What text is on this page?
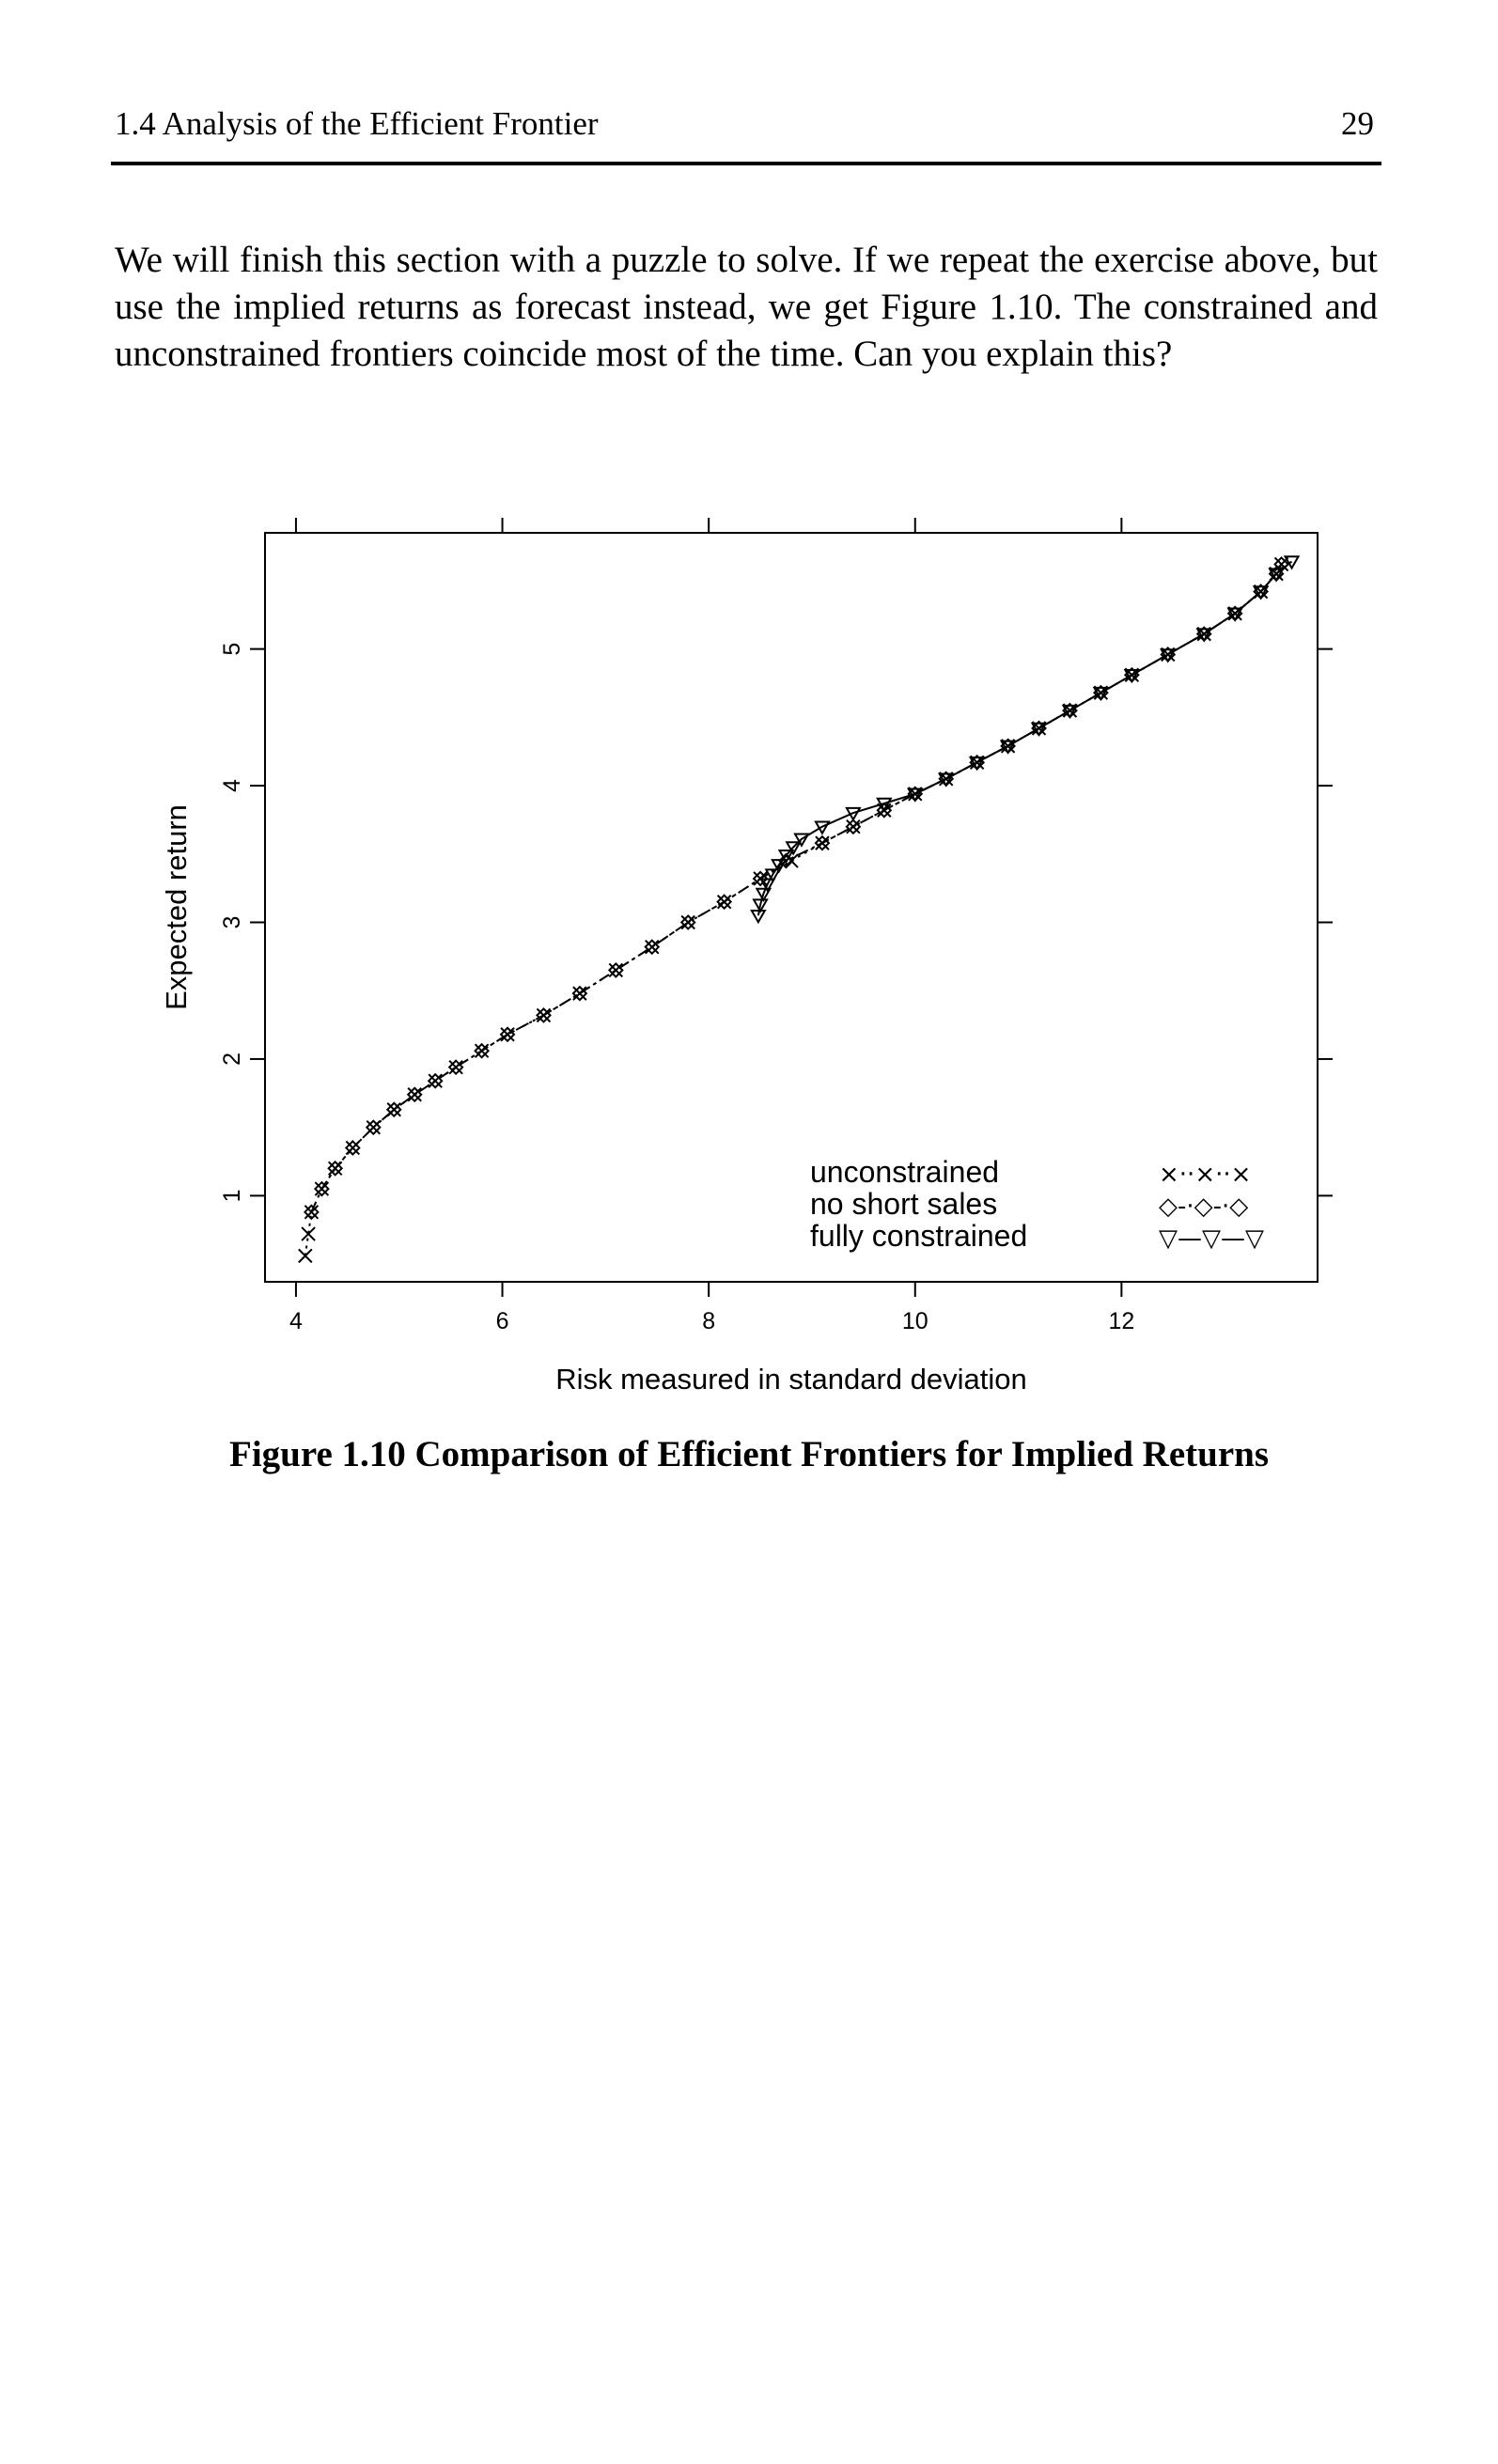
1.4 Analysis of the Efficient Frontier	29

We will finish this section with a puzzle to solve. If we repeat the exercise above, but use the implied returns as forecast instead, we get Figure 1.10. The constrained and unconstrained frontiers coincide most of the time. Can you explain this?

4	6	8	10	12
1
2
3
4
5
Risk measured in standard deviation
Expected return
unconstrained	×··×··×
no short sales	◇-·◇-·◇
fully constrained	▽—▽—▽
Figure 1.10 Comparison of Efficient Frontiers for Implied Returns
